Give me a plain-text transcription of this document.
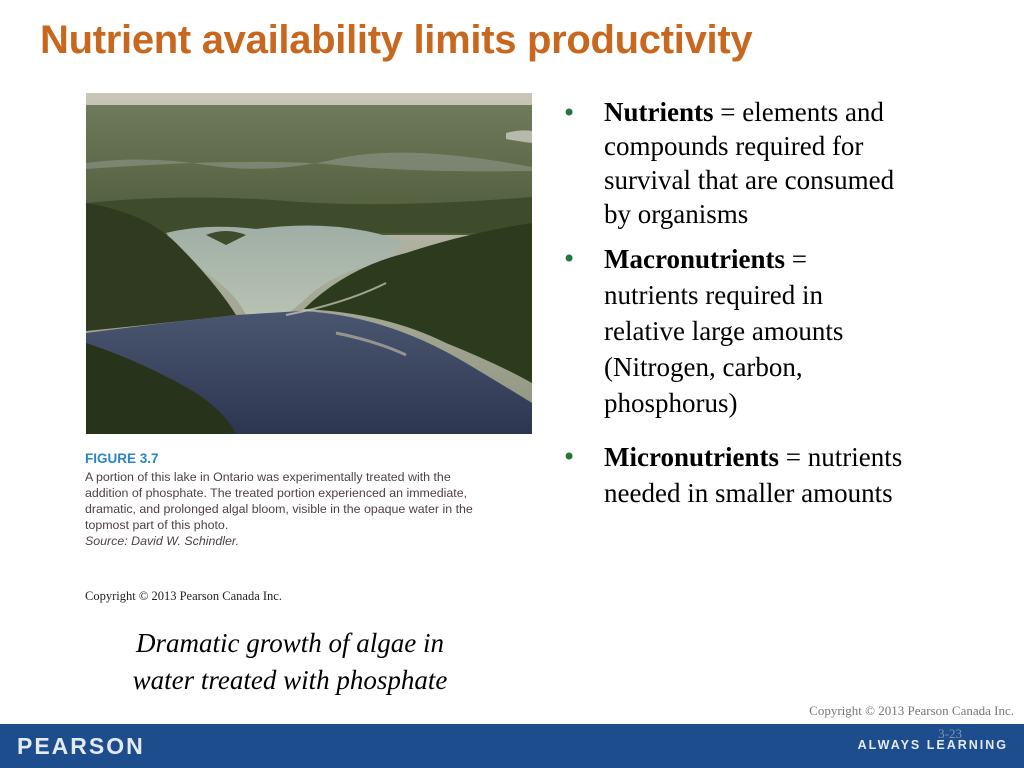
Nutrient availability limits productivity
FIGURE 3.7
A portion of this lake in Ontario was experimentally treated with the
addition of phosphate. The treated portion experienced an immediate,
dramatic, and prolonged algal bloom, visible in the opaque water in the
topmost part of this photo.
Source: David W. Schindler.
Copyright © 2013 Pearson Canada Inc.
Dramatic growth of algae in
water treated with phosphate
• Nutrients = elements and
compounds required for
survival that are consumed
by organisms
• Macronutrients =
nutrients required in
relative large amounts
(Nitrogen, carbon,
phosphorus)
• Micronutrients = nutrients
needed in smaller amounts
Copyright © 2013 Pearson Canada Inc.
PEARSON	3-23
ALWAYS LEARNING
